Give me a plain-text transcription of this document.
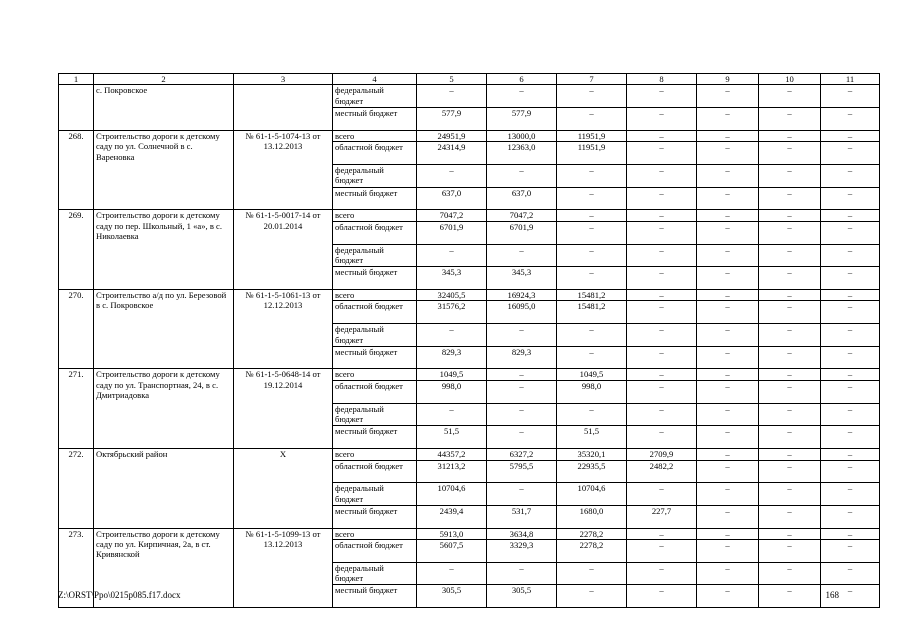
1	2	3	4	5	6	7	8	9	10	11
	с. Покровское		федеральный бюджет	–	–	–	–	–	–	–
			местный бюджет	577,9	577,9	–	–	–	–	–
268.	Строительство дороги к детскому саду по ул. Солнечной в с. Вареновка	№ 61-1-5-1074-13 от 13.12.2013	всего	24951,9	13000,0	11951,9	–	–	–	–
			областной бюджет	24314,9	12363,0	11951,9	–	–	–	–
			федеральный бюджет	–	–	–	–	–	–	–
			местный бюджет	637,0	637,0	–	–	–	–	–
269.	Строительство дороги к детскому саду по пер. Школьный, 1 «а», в с. Николаевка	№ 61-1-5-0017-14 от 20.01.2014	всего	7047,2	7047,2	–	–	–	–	–
			областной бюджет	6701,9	6701,9	–	–	–	–	–
			федеральный бюджет	–	–	–	–	–	–	–
			местный бюджет	345,3	345,3	–	–	–	–	–
270.	Строительство а/д по ул. Березовой в с. Покровское	№ 61-1-5-1061-13 от 12.12.2013	всего	32405,5	16924,3	15481,2	–	–	–	–
			областной бюджет	31576,2	16095,0	15481,2	–	–	–	–
			федеральный бюджет	–	–	–	–	–	–	–
			местный бюджет	829,3	829,3	–	–	–	–	–
271.	Строительство дороги к детскому саду по ул. Транспортная, 24, в с. Дмитриадовка	№ 61-1-5-0648-14 от 19.12.2014	всего	1049,5	–	1049,5	–	–	–	–
			областной бюджет	998,0	–	998,0	–	–	–	–
			федеральный бюджет	–	–	–	–	–	–	–
			местный бюджет	51,5	–	51,5	–	–	–	–
272.	Октябрьский район	Х	всего	44357,2	6327,2	35320,1	2709,9	–	–	–
			областной бюджет	31213,2	5795,5	22935,5	2482,2	–	–	–
			федеральный бюджет	10704,6	–	10704,6	–	–	–	–
			местный бюджет	2439,4	531,7	1680,0	227,7	–	–	–
273.	Строительство дороги к детскому саду по ул. Кирпичная, 2а, в ст. Кривянской	№ 61-1-5-1099-13 от 13.12.2013	всего	5913,0	3634,8	2278,2	–	–	–	–
			областной бюджет	5607,5	3329,3	2278,2	–	–	–	–
			федеральный бюджет	–	–	–	–	–	–	–
			местный бюджет	305,5	305,5	–	–	–	–	–
Z:\ORST\Ppo\0215p085.f17.docx	168
